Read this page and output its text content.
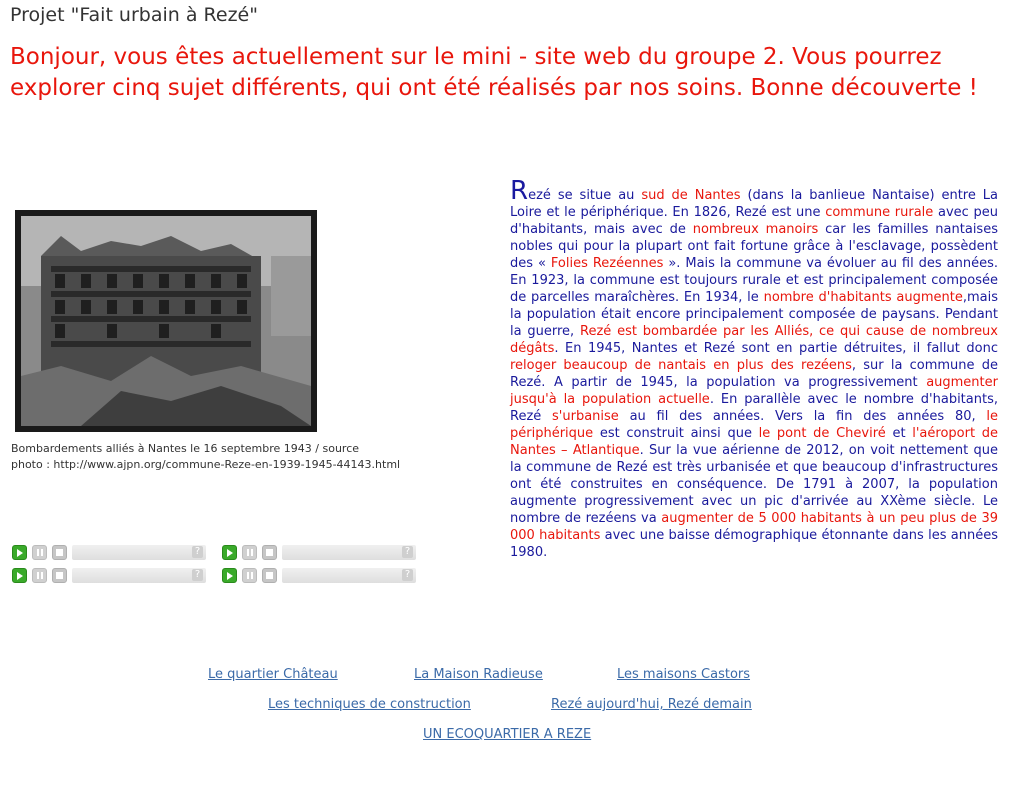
Projet "Fait urbain à Rezé"
Bonjour, vous êtes actuellement sur le mini - site web du groupe 2. Vous pourrez explorer cinq sujet différents, qui ont été réalisés par nos soins. Bonne découverte !
Bombardements alliés à Nantes le 16 septembre 1943 / source
photo : http://www.ajpn.org/commune-Reze-en-1939-1945-44143.html
?	?
?	?
Rezé se situe au sud de Nantes (dans la banlieue Nantaise) entre La Loire et le périphérique. En 1826, Rezé est une commune rurale avec peu d'habitants, mais avec de nombreux manoirs car les familles nantaises nobles qui pour la plupart ont fait fortune grâce à l'esclavage, possèdent des « Folies Rezéennes ». Mais la commune va évoluer au fil des années. En 1923, la commune est toujours rurale et est principalement composée de parcelles maraîchères. En 1934, le nombre d'habitants augmente,mais la population était encore principalement composée de paysans. Pendant la guerre, Rezé est bombardée par les Alliés, ce qui cause de nombreux dégâts. En 1945, Nantes et Rezé sont en partie détruites, il fallut donc reloger beaucoup de nantais en plus des rezéens, sur la commune de Rezé. A partir de 1945, la population va progressivement augmenter jusqu'à la population actuelle. En parallèle avec le nombre d'habitants, Rezé s'urbanise au fil des années. Vers la fin des années 80, le périphérique est construit ainsi que le pont de Cheviré et l'aéroport de Nantes – Atlantique. Sur la vue aérienne de 2012, on voit nettement que la commune de Rezé est très urbanisée et que beaucoup d'infrastructures ont été construites en conséquence. De 1791 à 2007, la population augmente progressivement avec un pic d'arrivée au XXème siècle. Le nombre de rezéens va augmenter de 5 000 habitants à un peu plus de 39 000 habitants avec une baisse démographique étonnante dans les années 1980.
Le quartier Château	La Maison Radieuse	Les maisons Castors
Les techniques de construction	Rezé aujourd'hui, Rezé demain
UN ECOQUARTIER A REZE
